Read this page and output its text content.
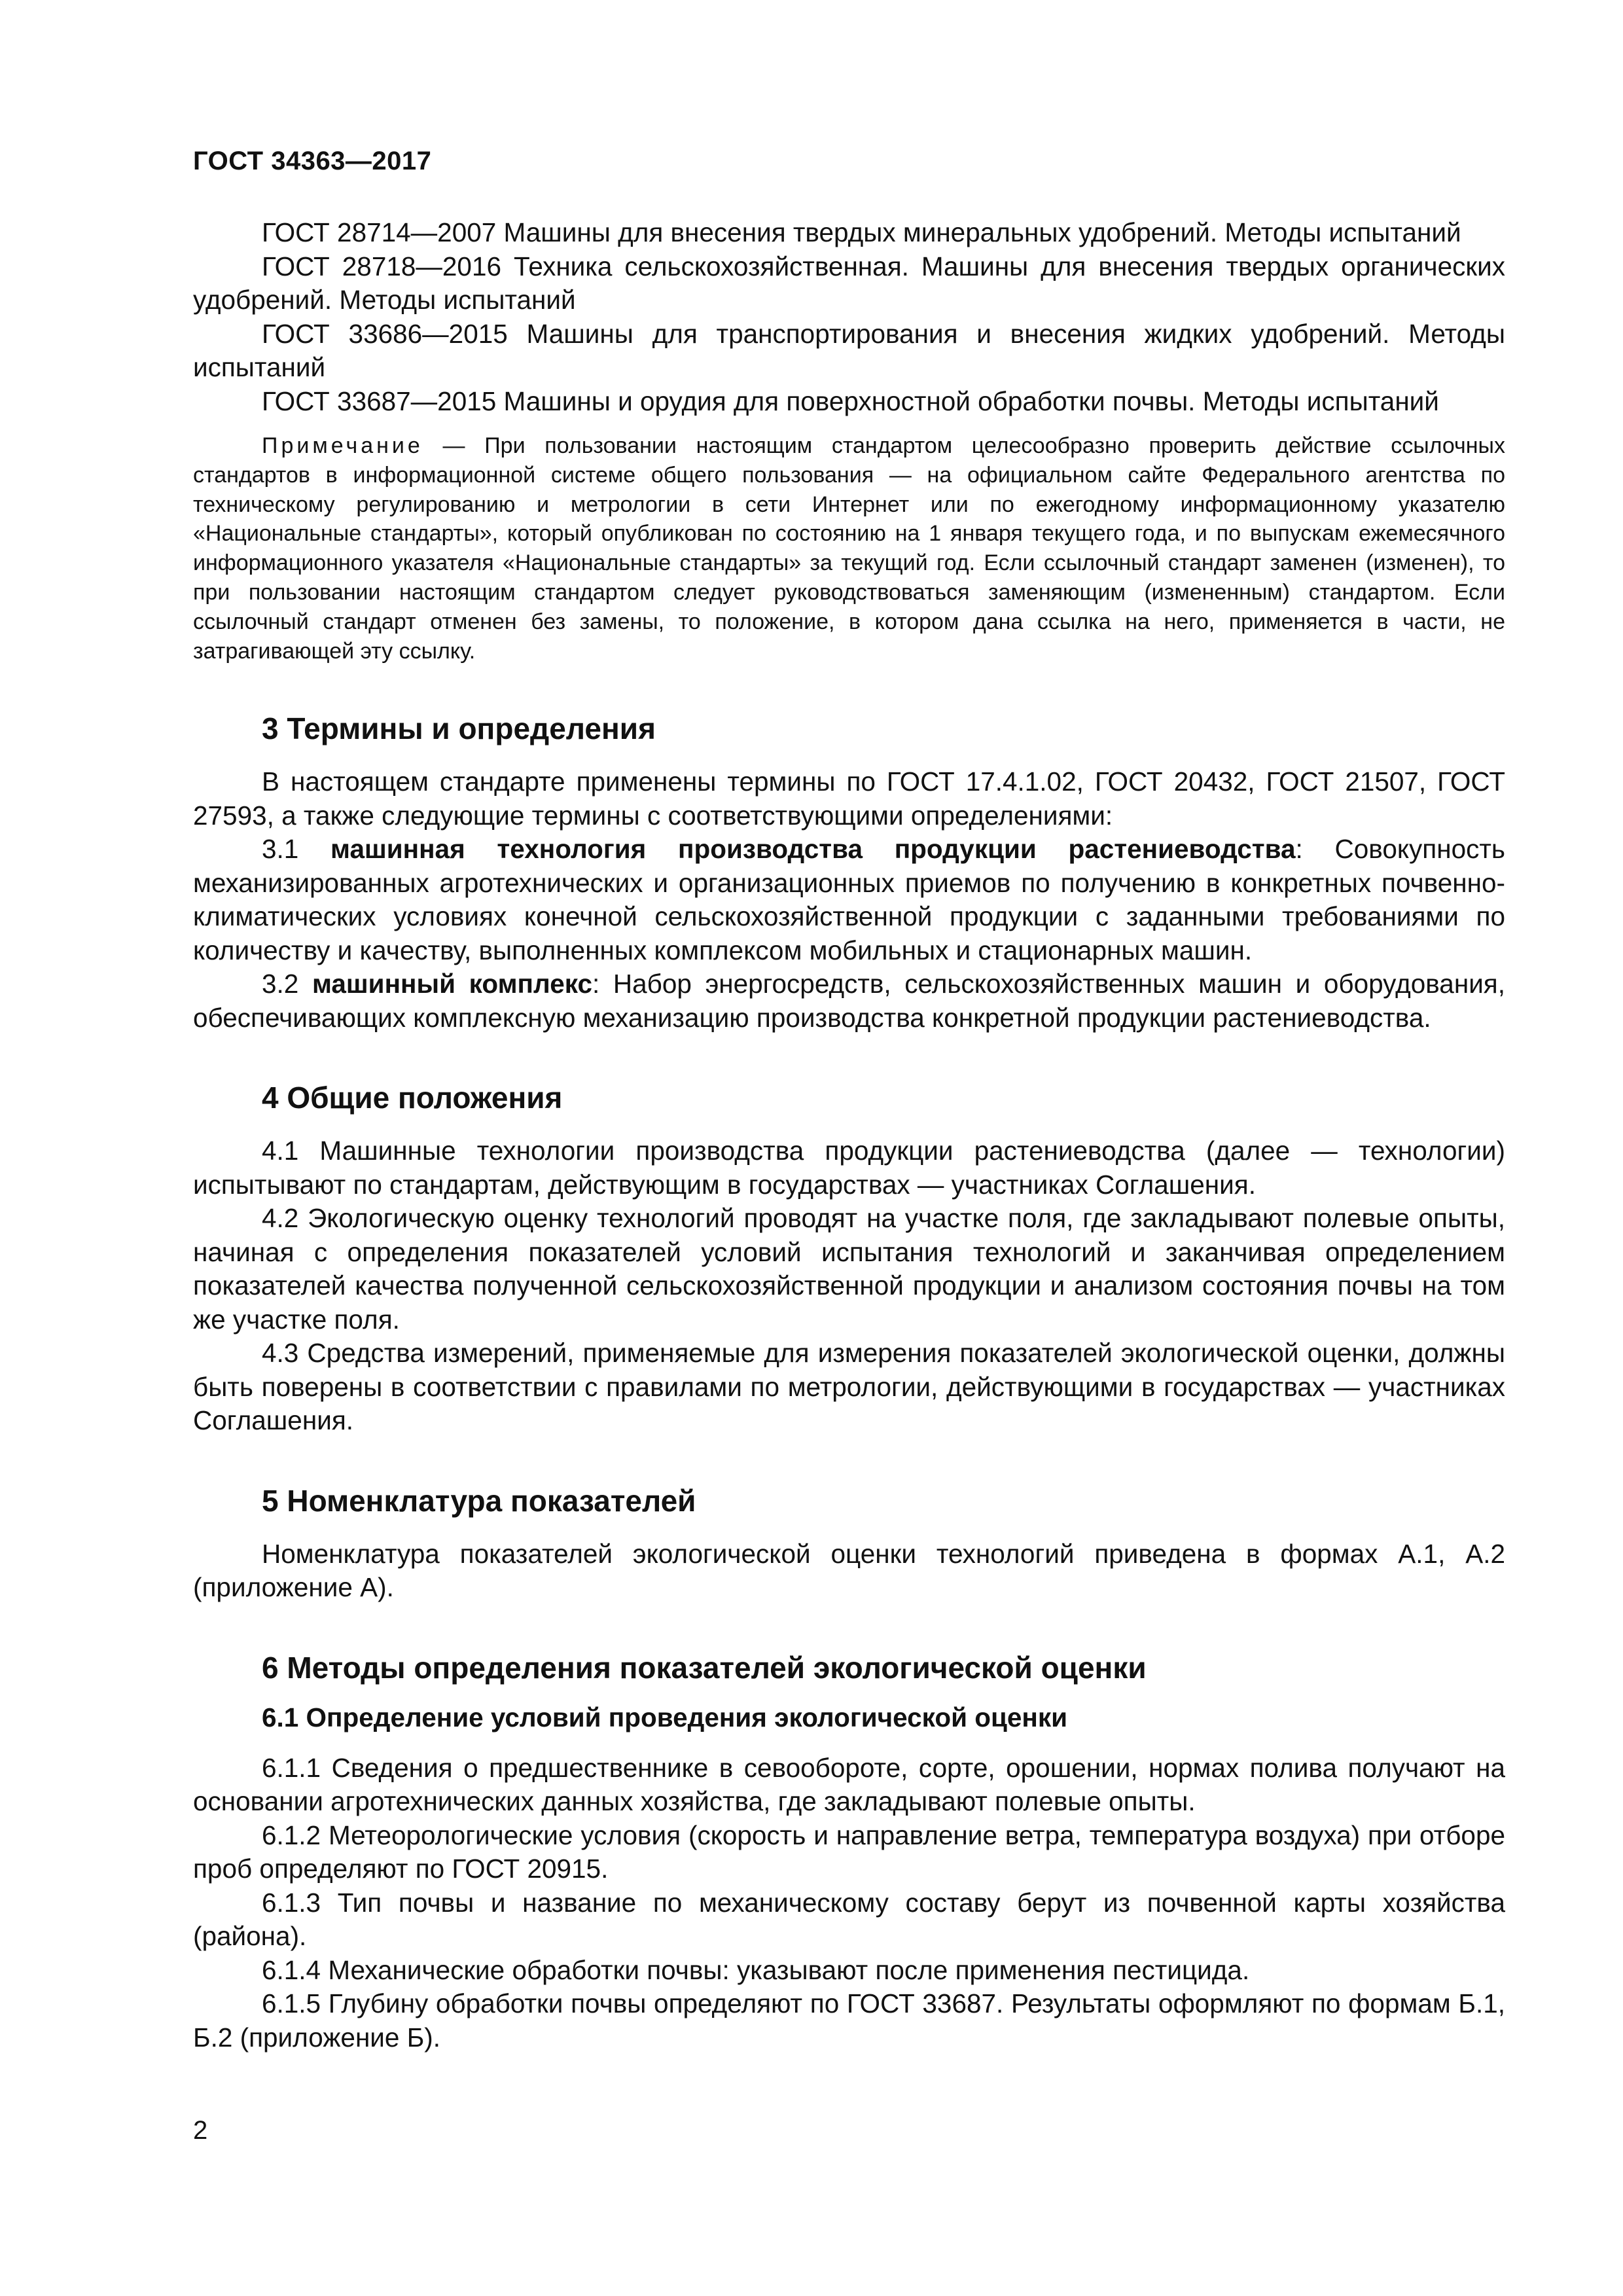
ГОСТ 34363—2017

ГОСТ 28714—2007 Машины для внесения твердых минеральных удобрений. Методы испытаний

ГОСТ 28718—2016 Техника сельскохозяйственная. Машины для внесения твердых органических удобрений. Методы испытаний

ГОСТ 33686—2015 Машины для транспортирования и внесения жидких удобрений. Методы испытаний

ГОСТ 33687—2015 Машины и орудия для поверхностной обработки почвы. Методы испытаний

Примечание — При пользовании настоящим стандартом целесообразно проверить действие ссылочных стандартов в информационной системе общего пользования — на официальном сайте Федерального агентства по техническому регулированию и метрологии в сети Интернет или по ежегодному информационному указателю «Национальные стандарты», который опубликован по состоянию на 1 января текущего года, и по выпускам ежемесячного информационного указателя «Национальные стандарты» за текущий год. Если ссылочный стандарт заменен (изменен), то при пользовании настоящим стандартом следует руководствоваться заменяющим (измененным) стандартом. Если ссылочный стандарт отменен без замены, то положение, в котором дана ссылка на него, применяется в части, не затрагивающей эту ссылку.

3 Термины и определения

В настоящем стандарте применены термины по ГОСТ 17.4.1.02, ГОСТ 20432, ГОСТ 21507, ГОСТ 27593, а также следующие термины с соответствующими определениями:

3.1 машинная технология производства продукции растениеводства: Совокупность механизированных агротехнических и организационных приемов по получению в конкретных почвенно-климатических условиях конечной сельскохозяйственной продукции с заданными требованиями по количеству и качеству, выполненных комплексом мобильных и стационарных машин.

3.2 машинный комплекс: Набор энергосредств, сельскохозяйственных машин и оборудования, обеспечивающих комплексную механизацию производства конкретной продукции растениеводства.

4 Общие положения

4.1 Машинные технологии производства продукции растениеводства (далее — технологии) испытывают по стандартам, действующим в государствах — участниках Соглашения.

4.2 Экологическую оценку технологий проводят на участке поля, где закладывают полевые опыты, начиная с определения показателей условий испытания технологий и заканчивая определением показателей качества полученной сельскохозяйственной продукции и анализом состояния почвы на том же участке поля.

4.3 Средства измерений, применяемые для измерения показателей экологической оценки, должны быть поверены в соответствии с правилами по метрологии, действующими в государствах — участниках Соглашения.

5 Номенклатура показателей

Номенклатура показателей экологической оценки технологий приведена в формах А.1, А.2 (приложение А).

6 Методы определения показателей экологической оценки
6.1 Определение условий проведения экологической оценки

6.1.1 Сведения о предшественнике в севообороте, сорте, орошении, нормах полива получают на основании агротехнических данных хозяйства, где закладывают полевые опыты.

6.1.2 Метеорологические условия (скорость и направление ветра, температура воздуха) при отборе проб определяют по ГОСТ 20915.

6.1.3 Тип почвы и название по механическому составу берут из почвенной карты хозяйства (района).

6.1.4 Механические обработки почвы: указывают после применения пестицида.

6.1.5 Глубину обработки почвы определяют по ГОСТ 33687. Результаты оформляют по формам Б.1, Б.2 (приложение Б).

2
